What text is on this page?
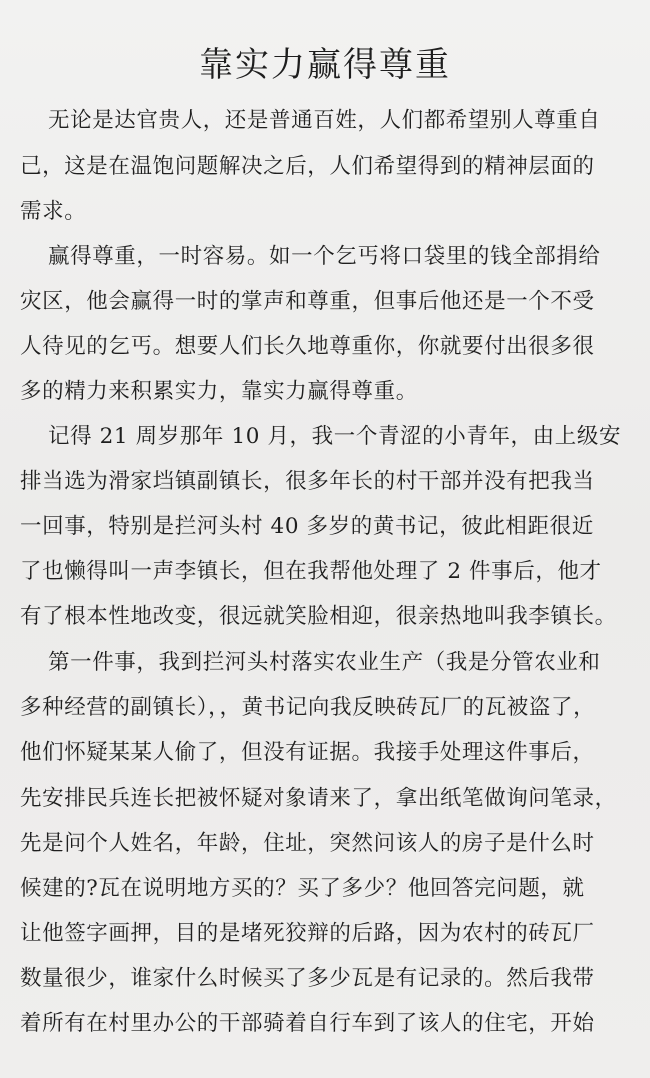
靠实力赢得尊重
无论是达官贵人，还是普通百姓，人们都希望别人尊重自
己，这是在温饱问题解决之后，人们希望得到的精神层面的
需求。
赢得尊重，一时容易。如一个乞丐将口袋里的钱全部捐给
灾区，他会赢得一时的掌声和尊重，但事后他还是一个不受
人待见的乞丐。想要人们长久地尊重你，你就要付出很多很
多的精力来积累实力，靠实力赢得尊重。
记得 21 周岁那年 10 月，我一个青涩的小青年，由上级安
排当选为滑家垱镇副镇长，很多年长的村干部并没有把我当
一回事，特别是拦河头村 40 多岁的黄书记，彼此相距很近
了也懒得叫一声李镇长，但在我帮他处理了 2 件事后，他才
有了根本性地改变，很远就笑脸相迎，很亲热地叫我李镇长。
第一件事，我到拦河头村落实农业生产（我是分管农业和
多种经营的副镇长），，黄书记向我反映砖瓦厂的瓦被盗了，
他们怀疑某某人偷了，但没有证据。我接手处理这件事后，
先安排民兵连长把被怀疑对象请来了，拿出纸笔做询问笔录，
先是问个人姓名，年龄，住址，突然问该人的房子是什么时
候建的?瓦在说明地方买的？买了多少？他回答完问题，就
让他签字画押，目的是堵死狡辩的后路，因为农村的砖瓦厂
数量很少，谁家什么时候买了多少瓦是有记录的。然后我带
着所有在村里办公的干部骑着自行车到了该人的住宅，开始
